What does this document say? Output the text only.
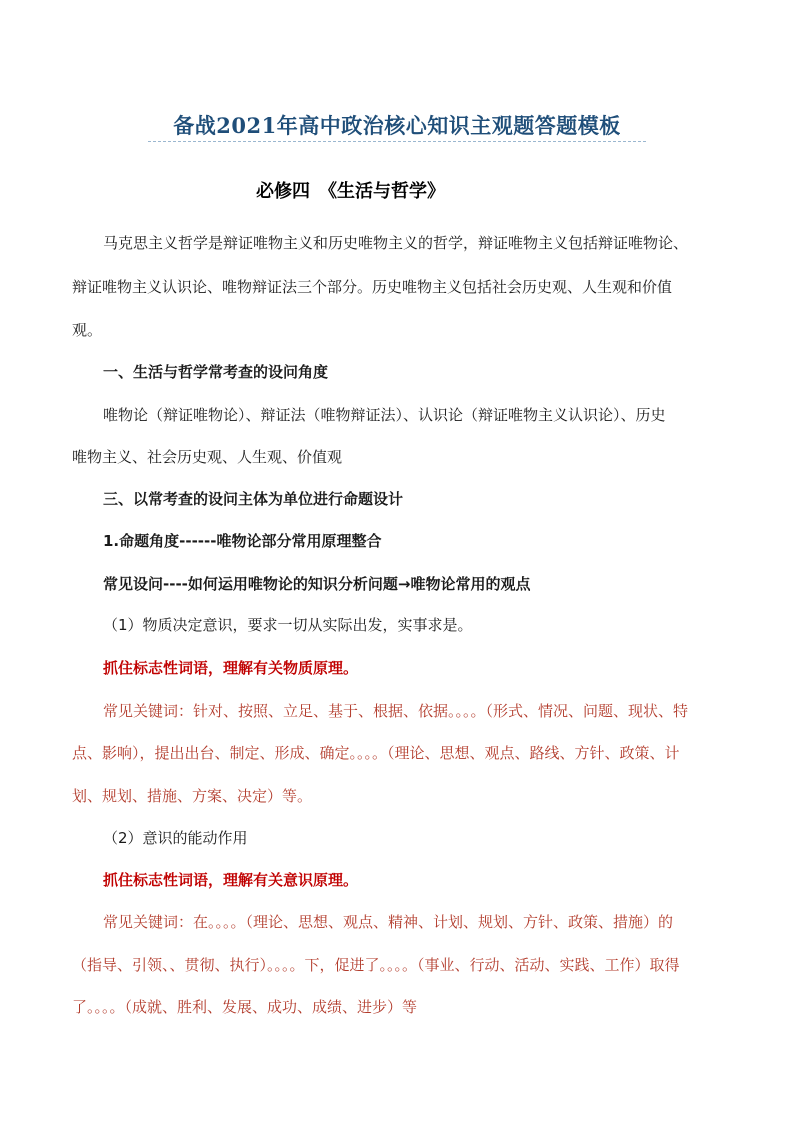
备战2021年高中政治核心知识主观题答题模板
必修四　《生活与哲学》
马克思主义哲学是辩证唯物主义和历史唯物主义的哲学，辩证唯物主义包括辩证唯物论、
辩证唯物主义认识论、唯物辩证法三个部分。历史唯物主义包括社会历史观、人生观和价值
观。
一、生活与哲学常考查的设问角度
唯物论（辩证唯物论）、辩证法（唯物辩证法）、认识论（辩证唯物主义认识论）、历史
唯物主义、社会历史观、人生观、价值观
三、以常考查的设问主体为单位进行命题设计
1.命题角度------唯物论部分常用原理整合
常见设问----如何运用唯物论的知识分析问题→唯物论常用的观点
（1）物质决定意识，要求一切从实际出发，实事求是。
抓住标志性词语，理解有关物质原理。
常见关键词：针对、按照、立足、基于、根据、依据。。。。（形式、情况、问题、现状、特
点、影响），提出出台、制定、形成、确定。。。。（理论、思想、观点、路线、方针、政策、计
划、规划、措施、方案、决定）等。
（2）意识的能动作用
抓住标志性词语，理解有关意识原理。
常见关键词：在。。。。（理论、思想、观点、精神、计划、规划、方针、政策、措施）的
（指导、引领、、贯彻、执行）。。。。下，促进了。。。。（事业、行动、活动、实践、工作）取得
了。。。。（成就、胜利、发展、成功、成绩、进步）等
